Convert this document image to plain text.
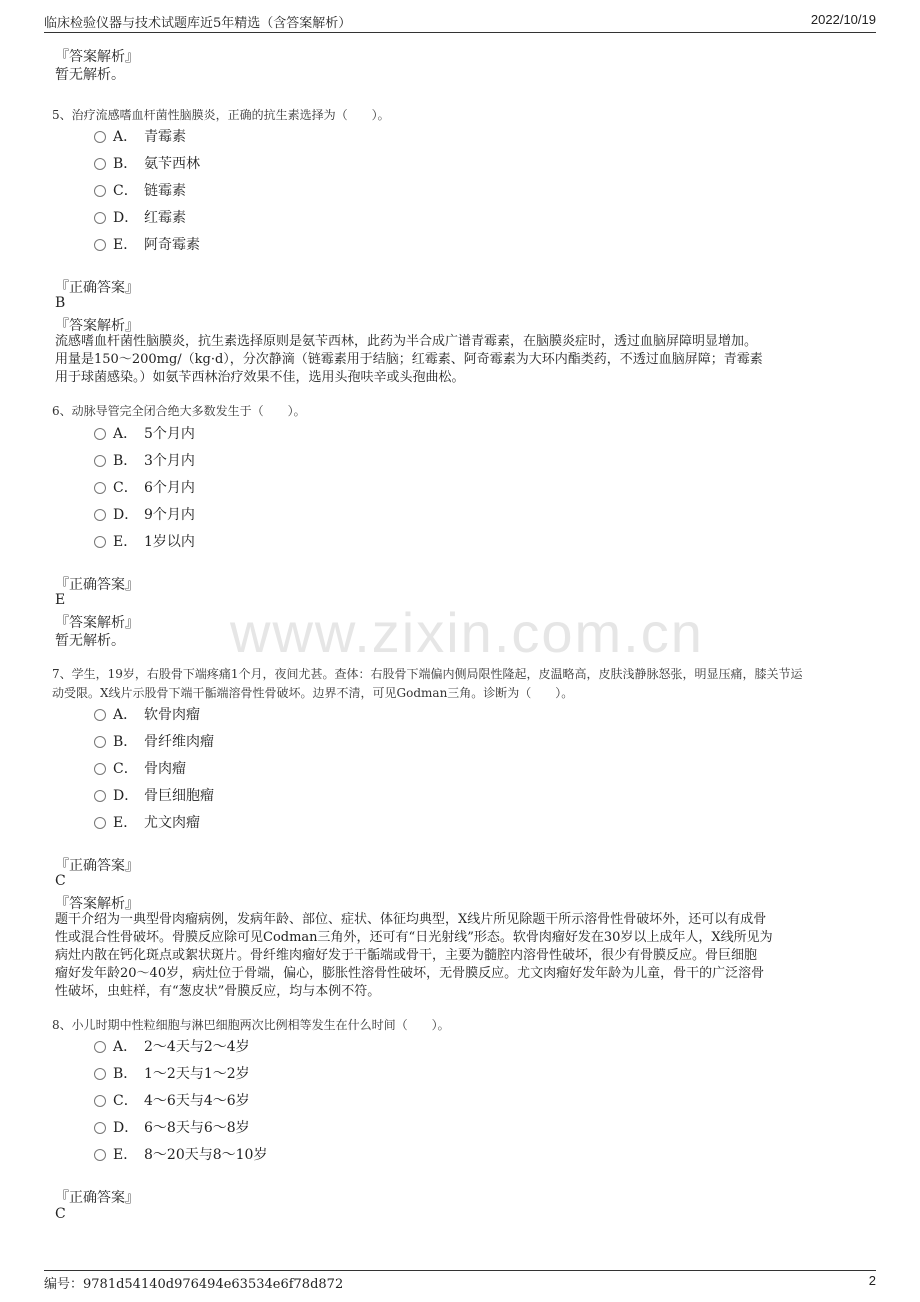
临床检验仪器与技术试题库近5年精选（含答案解析）	2022/10/19
www.zixin.com.cn
『答案解析』
暂无解析。
5、治疗流感嗜血杆菌性脑膜炎，正确的抗生素选择为（　　）。
A． 青霉素
B． 氨苄西林
C． 链霉素
D． 红霉素
E． 阿奇霉素
『正确答案』
B
『答案解析』
流感嗜血杆菌性脑膜炎，抗生素选择原则是氨苄西林，此药为半合成广谱青霉素，在脑膜炎症时，透过血脑屏障明显增加。
用量是150～200mg/（kg·d），分次静滴（链霉素用于结脑；红霉素、阿奇霉素为大环内酯类药，不透过血脑屏障；青霉素
用于球菌感染。）如氨苄西林治疗效果不佳，选用头孢呋辛或头孢曲松。
6、动脉导管完全闭合绝大多数发生于（　　）。
A． 5个月内
B． 3个月内
C． 6个月内
D． 9个月内
E． 1岁以内
『正确答案』
E
『答案解析』
暂无解析。
7、学生，19岁，右股骨下端疼痛1个月，夜间尤甚。查体：右股骨下端偏内侧局限性隆起，皮温略高，皮肤浅静脉怒张，明显压痛，膝关节运
动受限。X线片示股骨下端干骺端溶骨性骨破坏。边界不清，可见Godman三角。诊断为（　　）。
A． 软骨肉瘤
B． 骨纤维肉瘤
C． 骨肉瘤
D． 骨巨细胞瘤
E． 尤文肉瘤
『正确答案』
C
『答案解析』
题干介绍为一典型骨肉瘤病例，发病年龄、部位、症状、体征均典型，X线片所见除题干所示溶骨性骨破坏外，还可以有成骨
性或混合性骨破坏。骨膜反应除可见Codman三角外，还可有“日光射线”形态。软骨肉瘤好发在30岁以上成年人，X线所见为
病灶内散在钙化斑点或絮状斑片。骨纤维肉瘤好发于干骺端或骨干，主要为髓腔内溶骨性破坏，很少有骨膜反应。骨巨细胞
瘤好发年龄20～40岁，病灶位于骨端，偏心，膨胀性溶骨性破坏，无骨膜反应。尤文肉瘤好发年龄为儿童，骨干的广泛溶骨
性破坏，虫蛀样，有“葱皮状”骨膜反应，均与本例不符。
8、小儿时期中性粒细胞与淋巴细胞两次比例相等发生在什么时间（　　）。
A． 2～4天与2～4岁
B． 1～2天与1～2岁
C． 4～6天与4～6岁
D． 6～8天与6～8岁
E． 8～20天与8～10岁
『正确答案』
C
编号：9781d54140d976494e63534e6f78d872	2
